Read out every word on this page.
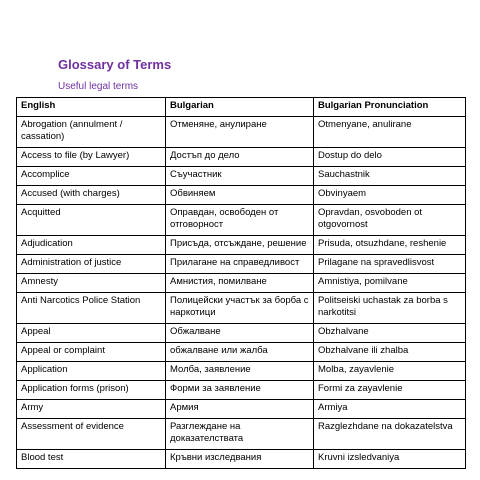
Glossary of Terms
Useful legal terms
English	Bulgarian	Bulgarian Pronunciation
Abrogation (annulment / cassation)	Отменяне, анулиране	Otmenyane, anulirane
Access to file (by Lawyer)	Достъп до дело	Dostup do delo
Accomplice	Съучастник	Sauchastnik
Accused (with charges)	Обвиняем	Obvinyaem
Acquitted	Оправдан, освободен от отговорност	Opravdan, osvoboden ot otgovornost
Adjudication	Присъда, отсъждане, решение	Prisuda, otsuzhdane, reshenie
Administration of justice	Прилагане на справедливост	Prilagane na spravedlisvost
Amnesty	Амнистия, помилване	Amnistiya, pomilvane
Anti Narcotics Police Station	Полицейски участък за борба с наркотици	Politseiski uchastak za borba s narkotitsi
Appeal	Обжалване	Obzhalvane
Appeal or complaint	обжалване или жалба	Obzhalvane ili zhalba
Application	Молба, заявление	Molba, zayavlenie
Application forms (prison)	Форми за заявление	Formi za zayavlenie
Army	Армия	Armiya
Assessment of evidence	Разглеждане на доказателствата	Razglezhdane na dokazatelstva
Blood test	Кръвни изследвания	Kruvni izsledvaniya
